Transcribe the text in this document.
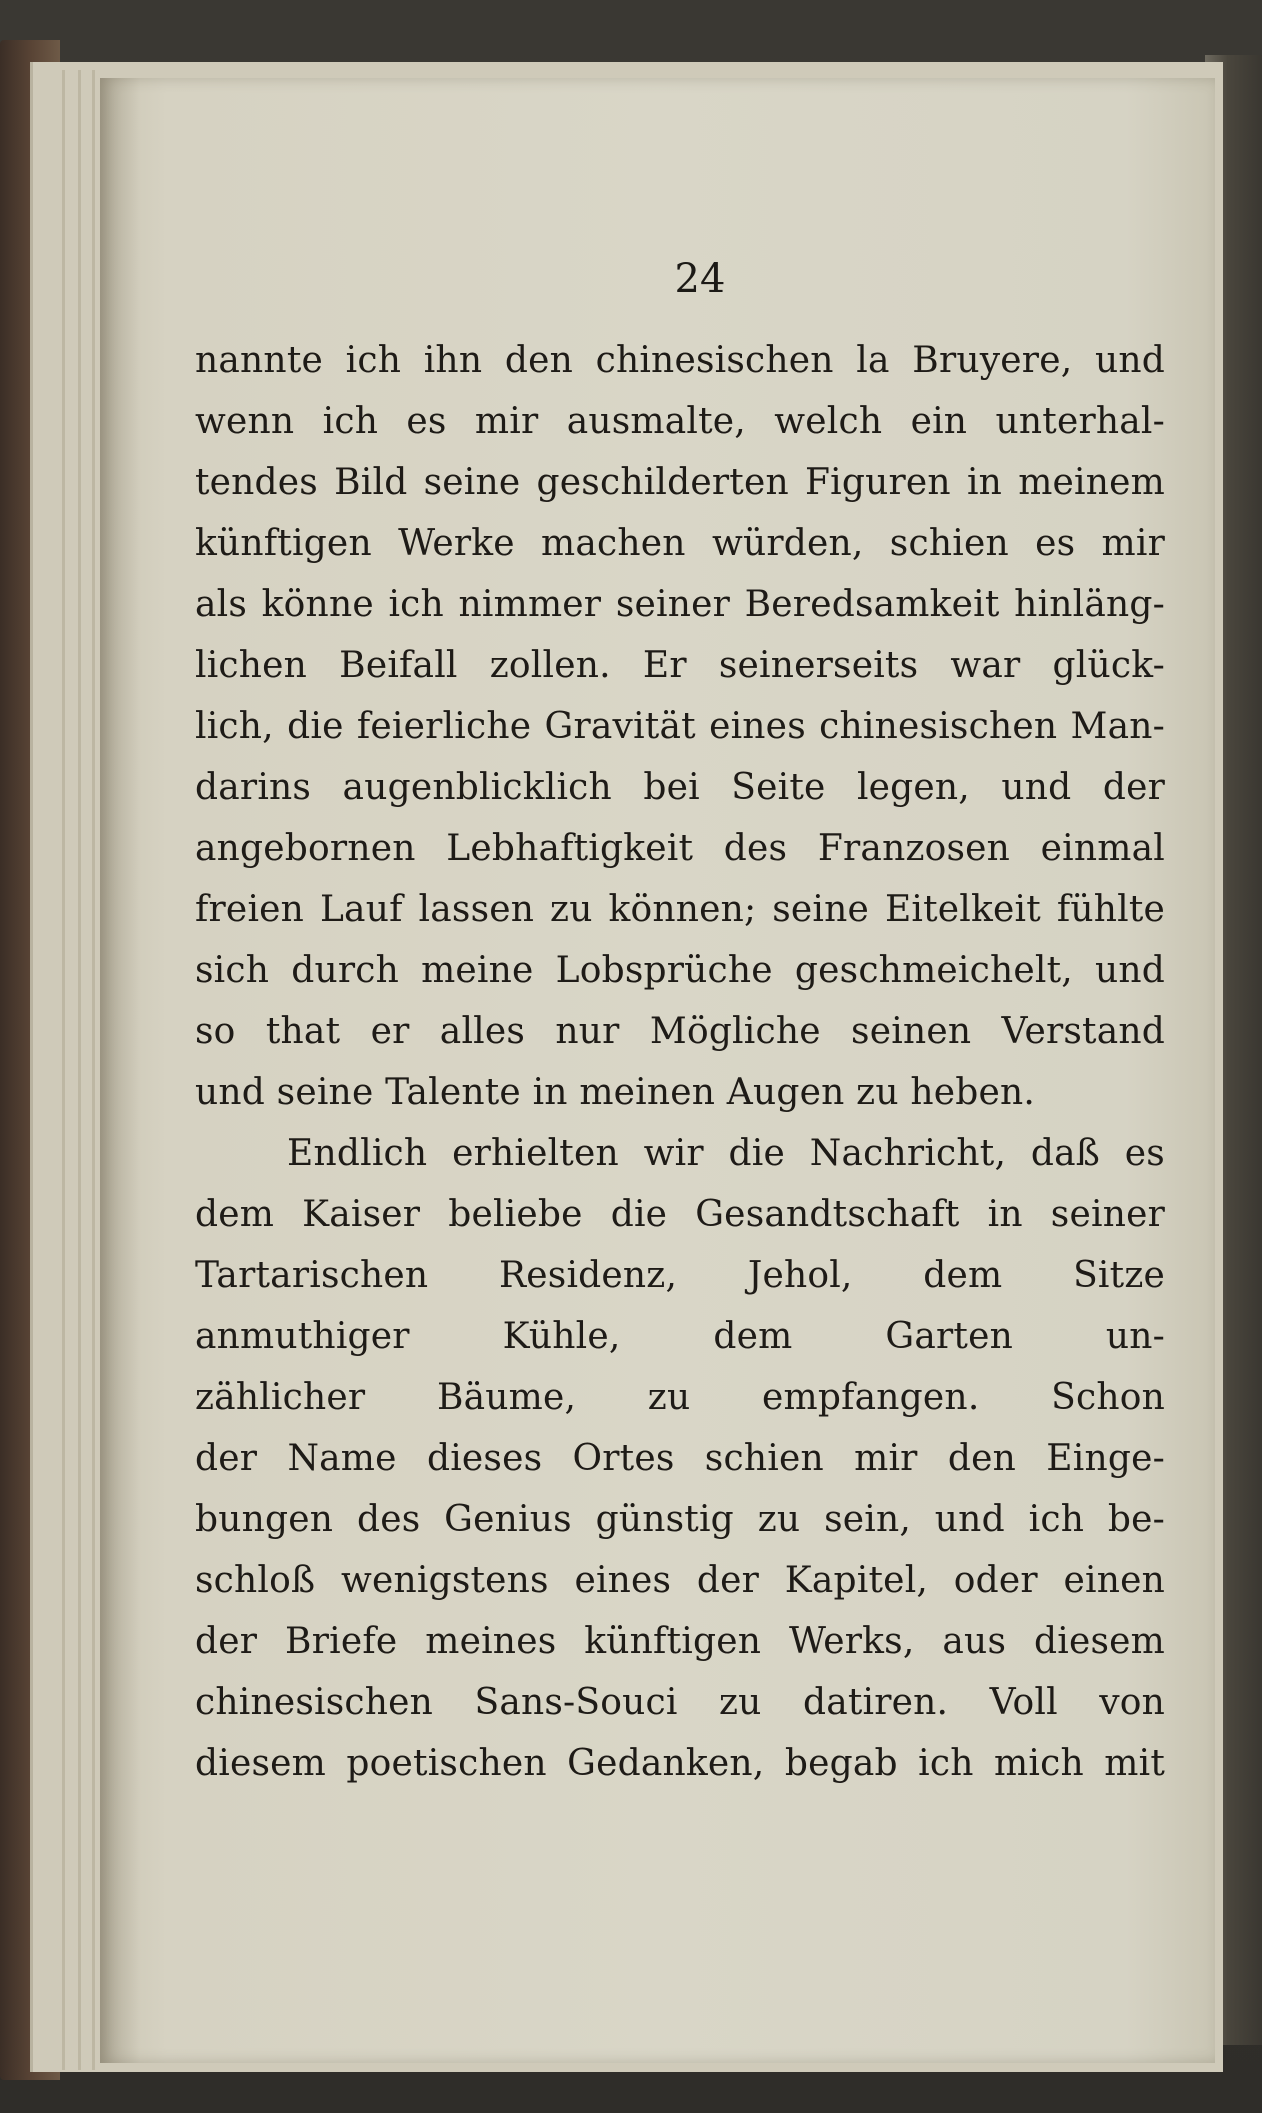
24
nannte ich ihn den chinesischen la Bruyere, und
wenn ich es mir ausmalte, welch ein unterhal-
tendes Bild seine geschilderten Figuren in meinem
künftigen Werke machen würden, schien es mir
als könne ich nimmer seiner Beredsamkeit hinläng-
lichen Beifall zollen. Er seinerseits war glück-
lich, die feierliche Gravität eines chinesischen Man-
darins augenblicklich bei Seite legen, und der
angebornen Lebhaftigkeit des Franzosen einmal
freien Lauf lassen zu können; seine Eitelkeit fühlte
sich durch meine Lobsprüche geschmeichelt, und
so that er alles nur Mögliche seinen Verstand
und seine Talente in meinen Augen zu heben.
Endlich erhielten wir die Nachricht, daß es
dem Kaiser beliebe die Gesandtschaft in seiner
Tartarischen Residenz, Jehol, dem Sitze
anmuthiger Kühle, dem Garten un-
zählicher Bäume, zu empfangen. Schon
der Name dieses Ortes schien mir den Einge-
bungen des Genius günstig zu sein, und ich be-
schloß wenigstens eines der Kapitel, oder einen
der Briefe meines künftigen Werks, aus diesem
chinesischen Sans-Souci zu datiren. Voll von
diesem poetischen Gedanken, begab ich mich mit
